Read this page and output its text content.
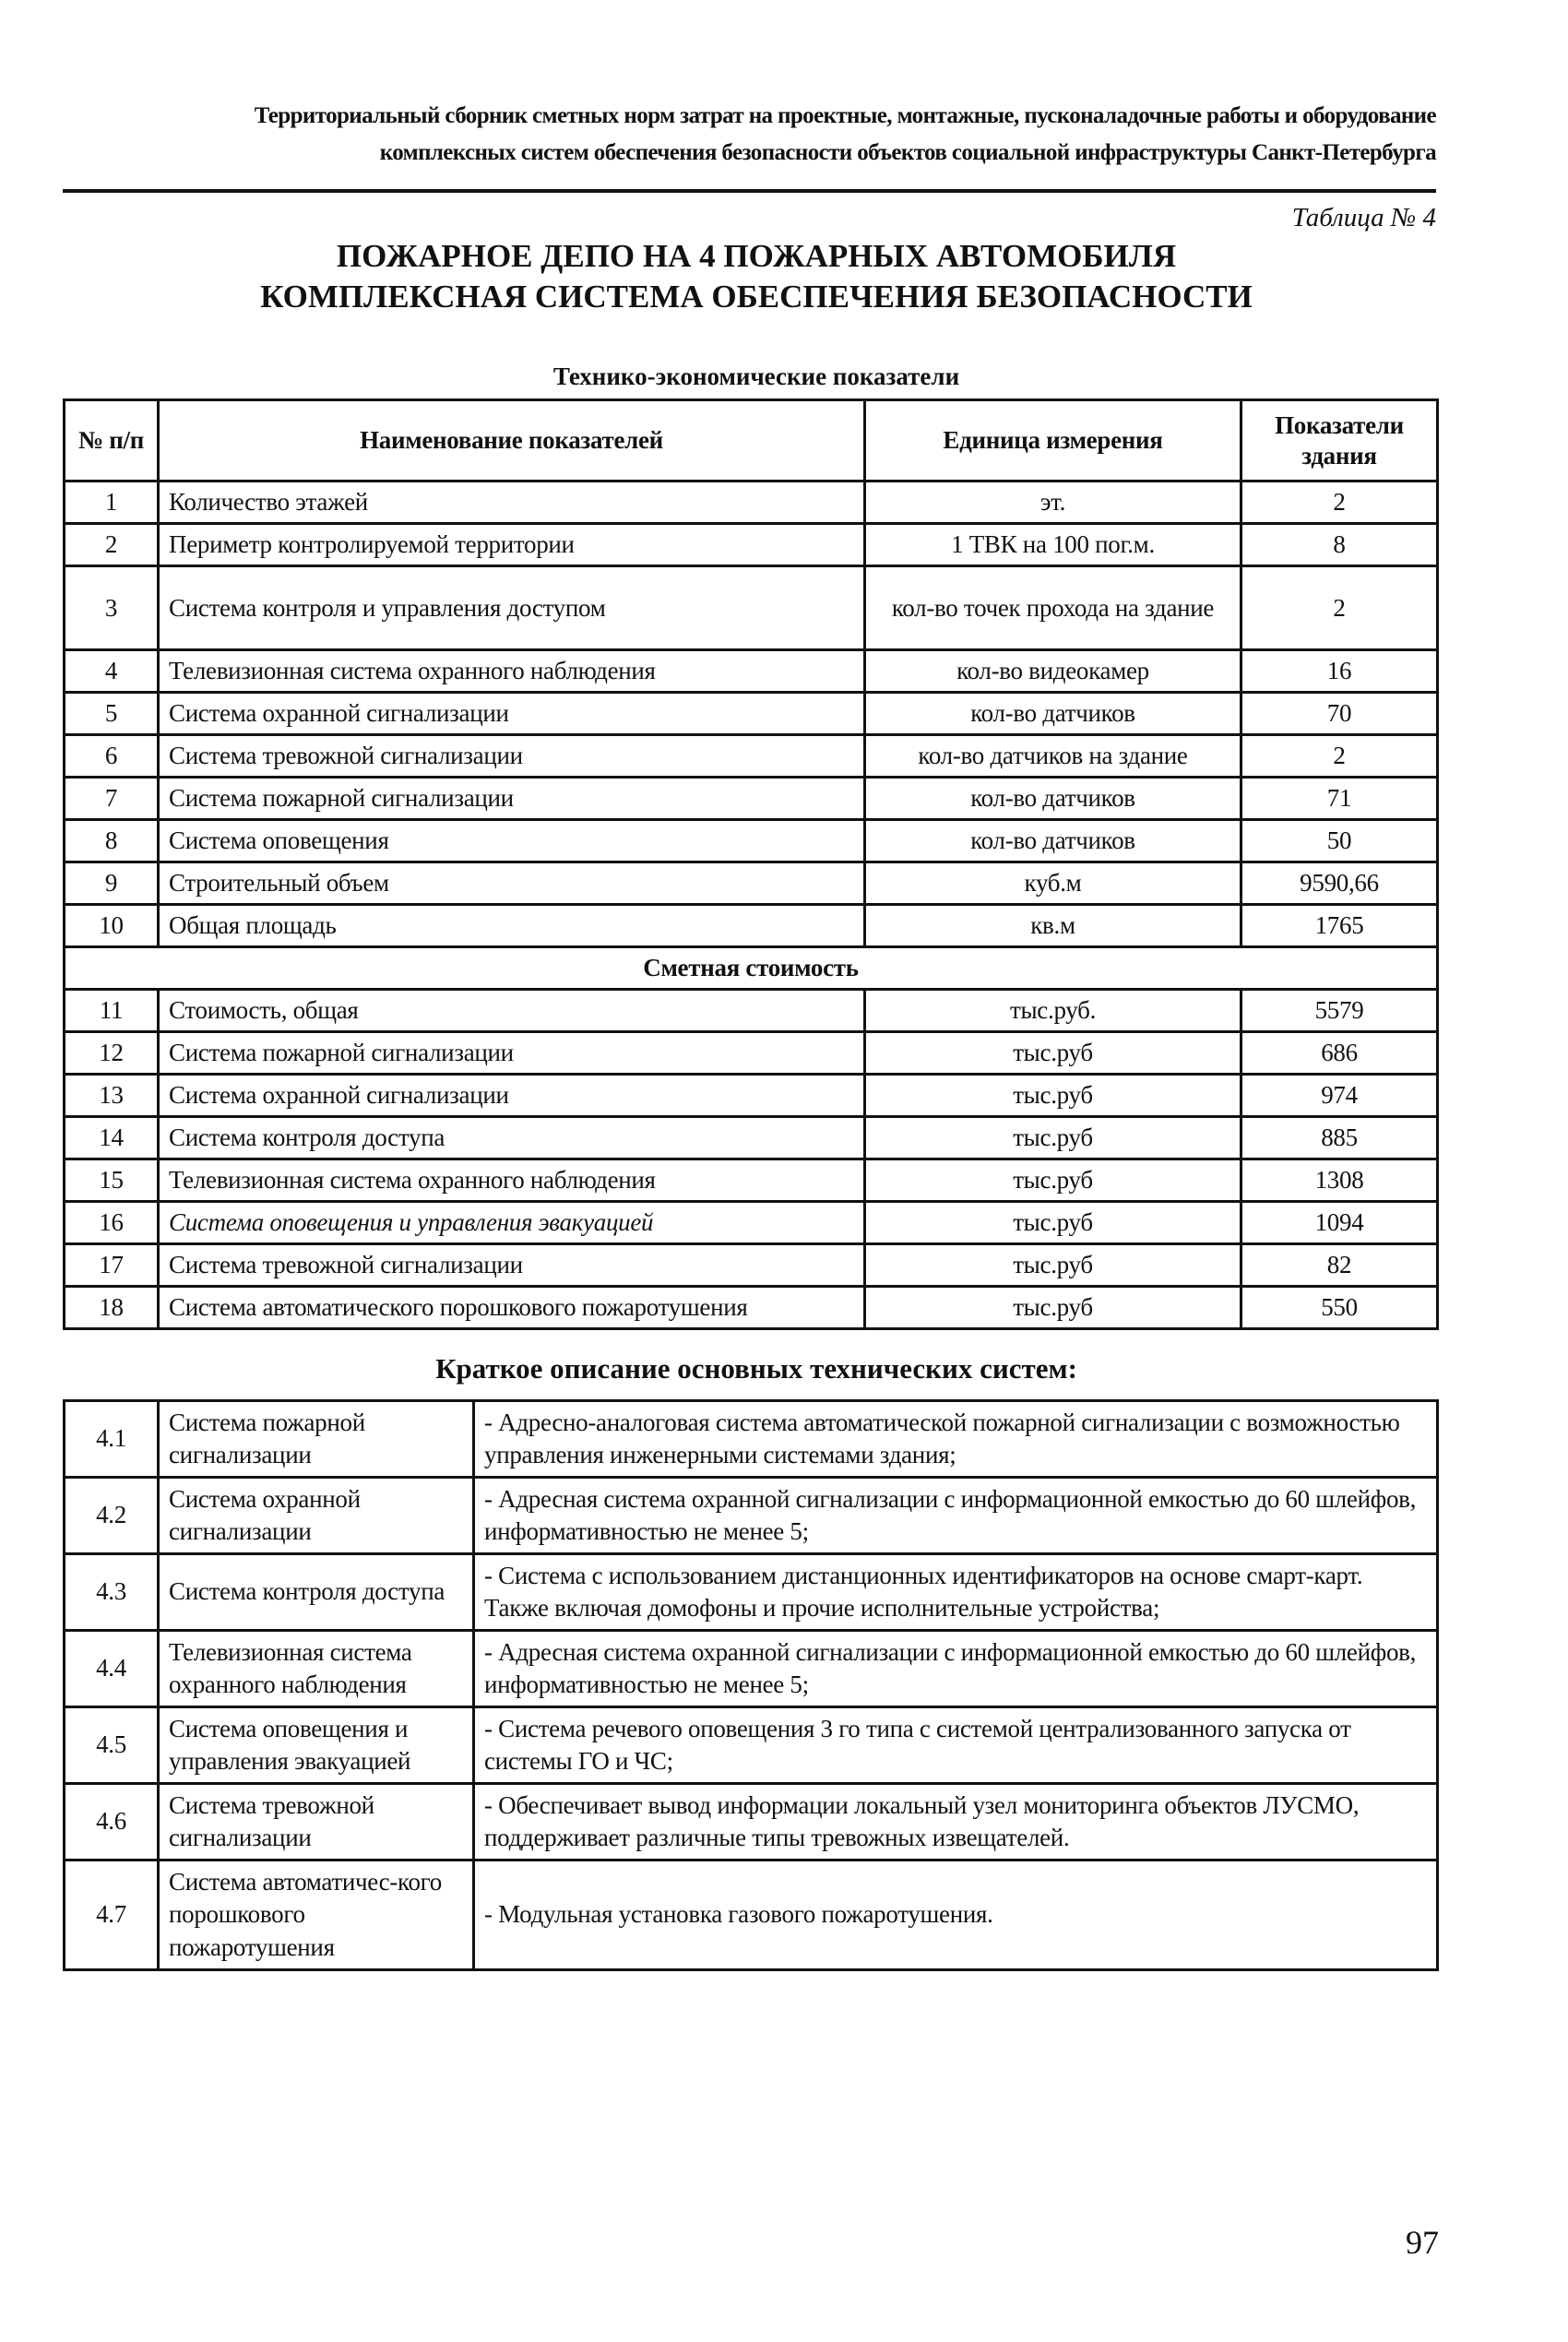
Территориальный сборник сметных норм затрат на проектные, монтажные, пусконаладочные работы и оборудование
комплексных систем обеспечения безопасности объектов социальной инфраструктуры Санкт-Петербурга
Таблица № 4
ПОЖАРНОЕ ДЕПО НА 4 ПОЖАРНЫХ АВТОМОБИЛЯ
КОМПЛЕКСНАЯ СИСТЕМА ОБЕСПЕЧЕНИЯ БЕЗОПАСНОСТИ
Технико-экономические показатели
№ п/п	Наименование показателей	Единица измерения	Показатели здания
1	Количество этажей	эт.	2
2	Периметр контролируемой территории	1 ТВК на 100 пог.м.	8
3	Система контроля и управления доступом	кол-во точек прохода на здание	2
4	Телевизионная система охранного наблюдения	кол-во видеокамер	16
5	Система охранной сигнализации	кол-во датчиков	70
6	Система тревожной сигнализации	кол-во датчиков на здание	2
7	Система пожарной сигнализации	кол-во датчиков	71
8	Система оповещения	кол-во датчиков	50
9	Строительный объем	куб.м	9590,66
10	Общая площадь	кв.м	1765
Сметная стоимость			
11	Стоимость, общая	тыс.руб.	5579
12	Система пожарной сигнализации	тыс.руб	686
13	Система охранной сигнализации	тыс.руб	974
14	Система контроля доступа	тыс.руб	885
15	Телевизионная система охранного наблюдения	тыс.руб	1308
16	Система оповещения и управления эвакуацией	тыс.руб	1094
17	Система тревожной сигнализации	тыс.руб	82
18	Система автоматического порошкового пожаротушения	тыс.руб	550
Краткое описание основных технических систем:
4.1	Система пожарной сигнализации	- Адресно-аналоговая система автоматической пожарной сигнализации с возможностью управления инженерными системами здания;
4.2	Система охранной сигнализации	- Адресная система охранной сигнализации с информационной емкостью до 60 шлейфов, информативностью не менее 5;
4.3	Система контроля доступа	- Система с использованием дистанционных идентификаторов на основе смарт-карт. Также включая домофоны и прочие исполнительные устройства;
4.4	Телевизионная система охранного наблюдения	- Адресная система охранной сигнализации с информационной емкостью до 60 шлейфов, информативностью не менее 5;
4.5	Система оповещения и управления эвакуацией	- Система речевого оповещения 3 го типа с системой централизованного запуска от системы ГО и ЧС;
4.6	Система тревожной сигнализации	- Обеспечивает вывод информации локальный узел мониторинга объектов ЛУСМО, поддерживает различные типы тревожных извещателей.
4.7	Система автоматичес-кого порошкового пожаротушения	- Модульная установка газового пожаротушения.
97
